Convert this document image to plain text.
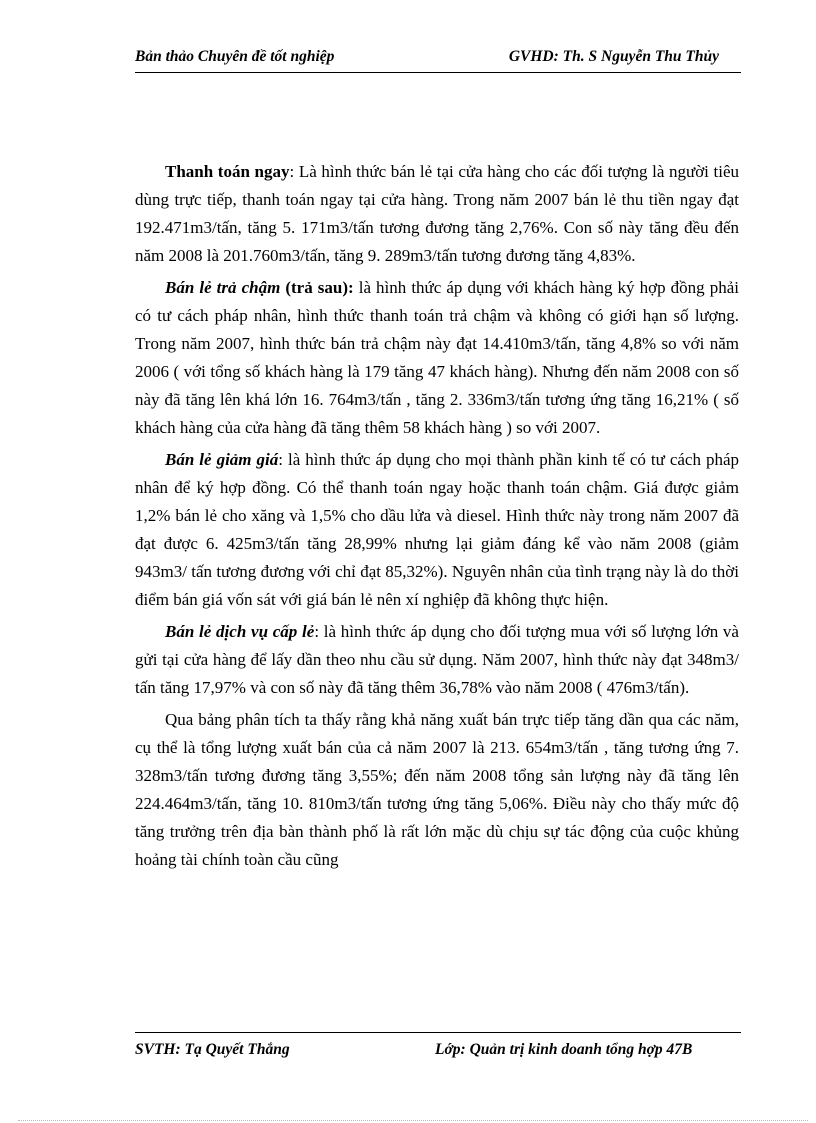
Bản thảo Chuyên đề tốt nghiệp	GVHD: Th. S Nguyễn Thu Thủy

Thanh toán ngay: Là hình thức bán lẻ tại cửa hàng cho các đối tượng là người tiêu dùng trực tiếp, thanh toán ngay tại cửa hàng. Trong năm 2007 bán lẻ thu tiền ngay đạt 192.471m3/tấn, tăng 5. 171m3/tấn tương đương tăng 2,76%. Con số này tăng đều đến năm 2008 là 201.760m3/tấn, tăng 9. 289m3/tấn tương đương tăng 4,83%.

Bán lẻ trả chậm (trả sau): là hình thức áp dụng với khách hàng ký hợp đồng phải có tư cách pháp nhân, hình thức thanh toán trả chậm và không có giới hạn số lượng. Trong năm 2007, hình thức bán trả chậm này đạt 14.410m3/tấn, tăng 4,8% so với năm 2006 ( với tổng số khách hàng là 179 tăng 47 khách hàng). Nhưng đến năm 2008 con số này đã tăng lên khá lớn 16. 764m3/tấn , tăng 2. 336m3/tấn tương ứng tăng 16,21% ( số khách hàng của cửa hàng đã tăng thêm 58 khách hàng ) so với 2007.

Bán lẻ giảm giá: là hình thức áp dụng cho mọi thành phần kinh tế có tư cách pháp nhân để ký hợp đồng. Có thể thanh toán ngay hoặc thanh toán chậm. Giá được giảm 1,2% bán lẻ cho xăng và 1,5% cho dầu lửa và diesel. Hình thức này trong năm 2007 đã đạt được 6. 425m3/tấn tăng 28,99% nhưng lại giảm đáng kể vào năm 2008 (giảm 943m3/ tấn tương đương với chỉ đạt 85,32%). Nguyên nhân của tình trạng này là do thời điểm bán giá vốn sát với giá bán lẻ nên xí nghiệp đã không thực hiện.

Bán lẻ dịch vụ cấp lẻ: là hình thức áp dụng cho đối tượng mua với số lượng lớn và gửi tại cửa hàng để lấy dần theo nhu cầu sử dụng. Năm 2007, hình thức này đạt 348m3/ tấn tăng 17,97% và con số này đã tăng thêm 36,78% vào năm 2008 ( 476m3/tấn).

Qua bảng phân tích ta thấy rằng khả năng xuất bán trực tiếp tăng dần qua các năm, cụ thể là tổng lượng xuất bán của cả năm 2007 là 213. 654m3/tấn , tăng tương ứng 7. 328m3/tấn tương đương tăng 3,55%; đến năm 2008 tổng sản lượng này đã tăng lên 224.464m3/tấn, tăng 10. 810m3/tấn tương ứng tăng 5,06%. Điều này cho thấy mức độ tăng trưởng trên địa bàn thành phố là rất lớn mặc dù chịu sự tác động của cuộc khủng hoảng tài chính toàn cầu cũng

SVTH: Tạ Quyết Thắng	Lớp: Quản trị kinh doanh tổng hợp 47B
